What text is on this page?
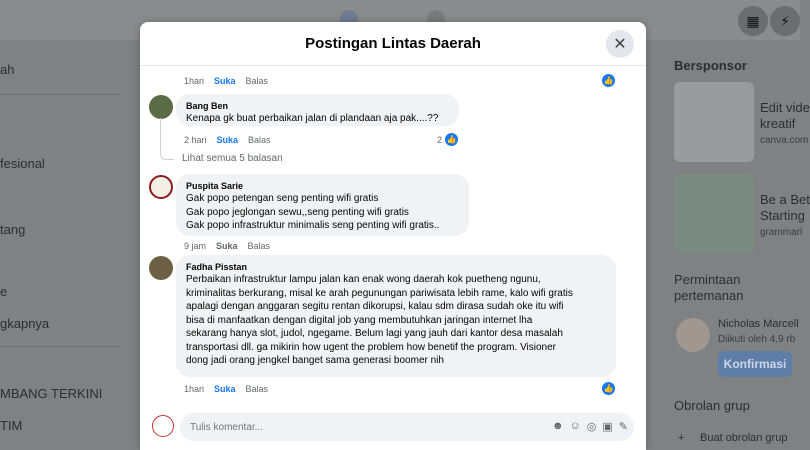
▦	⚡
ah
fesional
tang
e
gkapnya
MBANG TERKINI
TIM
Bersponsor
Edit vide
kreatif
canva.com
Be a Bet
Starting
grammarl
Permintaan pertemanan
Nicholas Marcell
Diikuti oleh 4,9 rb
Konfirmasi
Obrolan grup
+ Buat obrolan grup
Postingan Lintas Daerah	✕
1hari Suka Balas	👍
Bang Ben
Kenapa gk buat perbaikan jalan di plandaan aja pak....??
2 hari Suka Balas	2 👍
Lihat semua 5 balasan
Puspita Sarie
Gak popo petengan seng penting wifi gratis
Gak popo jeglongan sewu,,seng penting wifi gratis
Gak popo infrastruktur minimalis seng penting wifi gratis..
9 jam Suka Balas
Fadha Pisstan
Perbaikan infrastruktur lampu jalan kan enak wong daerah kok puetheng ngunu,
kriminalitas berkurang, misal ke arah pegunungan pariwisata lebih rame, kalo wifi gratis
apalagi dengan anggaran segitu rentan dikorupsi, kalau sdm dirasa sudah oke itu wifi
bisa di manfaatkan dengan digital job yang membutuhkan jaringan internet lha
sekarang hanya slot, judol, ngegame. Belum lagi yang jauh dari kantor desa masalah
transportasi dll. ga mikirin how ugent the problem how benetif the program. Visioner
dong jadi orang jengkel banget sama generasi boomer nih
1hari Suka Balas	👍
Tulis komentar...
☻ ☺ ◎ ▣ ✎
